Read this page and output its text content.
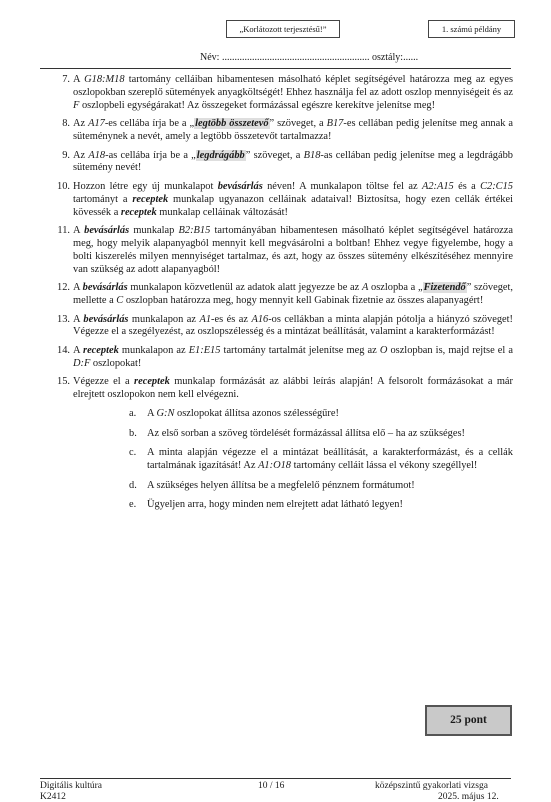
„Korlátozott terjesztésű!”	1. számú példány
Név: ........................................................... osztály:......
7. A G18:M18 tartomány celláiban hibamentesen másolható képlet segítségével határozza meg az egyes oszlopokban szereplő sütemények anyagköltségét! Ehhez használja fel az adott oszlop mennyiségeit és az F oszlopbeli egységárakat! Az összegeket formázással egészre kerekítve jelenítse meg!
8. Az A17-es cellába írja be a „legtöbb összetevő” szöveget, a B17-es cellában pedig jelenítse meg annak a süteménynek a nevét, amely a legtöbb összetevőt tartalmazza!
9. Az A18-as cellába írja be a „legdrágább” szöveget, a B18-as cellában pedig jelenítse meg a legdrágább sütemény nevét!
10. Hozzon létre egy új munkalapot bevásárlás néven! A munkalapon töltse fel az A2:A15 és a C2:C15 tartományt a receptek munkalap ugyanazon celláinak adataival! Biztosítsa, hogy ezen cellák értékei kövessék a receptek munkalap celláinak változását!
11. A bevásárlás munkalap B2:B15 tartományában hibamentesen másolható képlet segítségével határozza meg, hogy melyik alapanyagból mennyit kell megvásárolni a boltban! Ehhez vegye figyelembe, hogy a bolti kiszerelés milyen mennyiséget tartalmaz, és azt, hogy az összes sütemény elkészítéséhez mennyire van szükség az adott alapanyagból!
12. A bevásárlás munkalapon közvetlenül az adatok alatt jegyezze be az A oszlopba a „Fizetendő” szöveget, mellette a C oszlopban határozza meg, hogy mennyit kell Gabinak fizetnie az összes alapanyagért!
13. A bevásárlás munkalapon az A1-es és az A16-os cellákban a minta alapján pótolja a hiányzó szöveget! Végezze el a szegélyezést, az oszlopszélesség és a mintázat beállítását, valamint a karakterformázást!
14. A receptek munkalapon az E1:E15 tartomány tartalmát jelenítse meg az O oszlopban is, majd rejtse el a D:F oszlopokat!
15. Végezze el a receptek munkalap formázását az alábbi leírás alapján! A felsorolt formázásokat a már elrejtett oszlopokon nem kell elvégezni.
a. A G:N oszlopokat állítsa azonos szélességűre!
b. Az első sorban a szöveg tördelését formázással állítsa elő – ha az szükséges!
c. A minta alapján végezze el a mintázat beállítását, a karakterformázást, és a cellák tartalmának igazítását! Az A1:O18 tartomány celláit lássa el vékony szegéllyel!
d. A szükséges helyen állítsa be a megfelelő pénznem formátumot!
e. Ügyeljen arra, hogy minden nem elrejtett adat látható legyen!
25 pont
Digitális kultúra	10 / 16	középszintű gyakorlati vizsga
K2412	2025. május 12.
